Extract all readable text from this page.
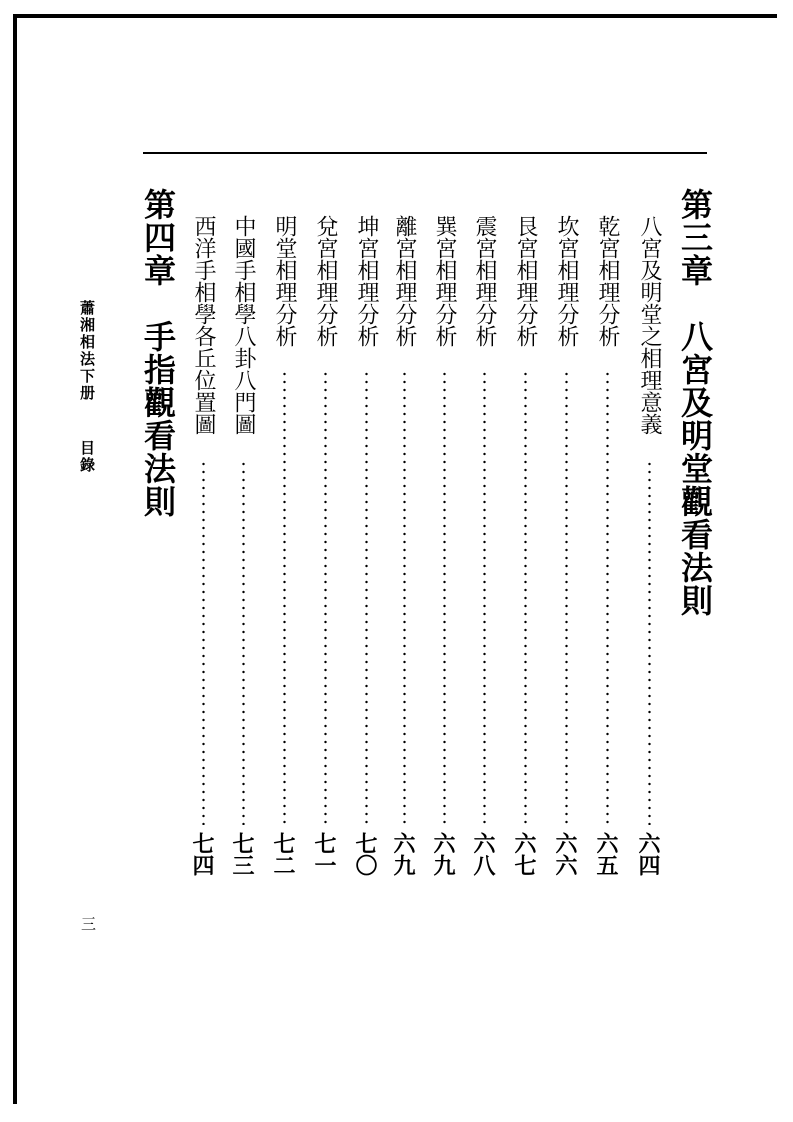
第三章　八宮及明堂觀看法則
八宮及明堂之相理意義
六四
乾宮相理分析
六五
坎宮相理分析
六六
艮宮相理分析
六七
震宮相理分析
六八
巽宮相理分析
六九
離宮相理分析
六九
坤宮相理分析
七〇
兌宮相理分析
七一
明堂相理分析
七二
中國手相學八卦八門圖
七三
西洋手相學各丘位置圖
七四
第四章　手指觀看法則
蕭湘相法下册
目錄
三
